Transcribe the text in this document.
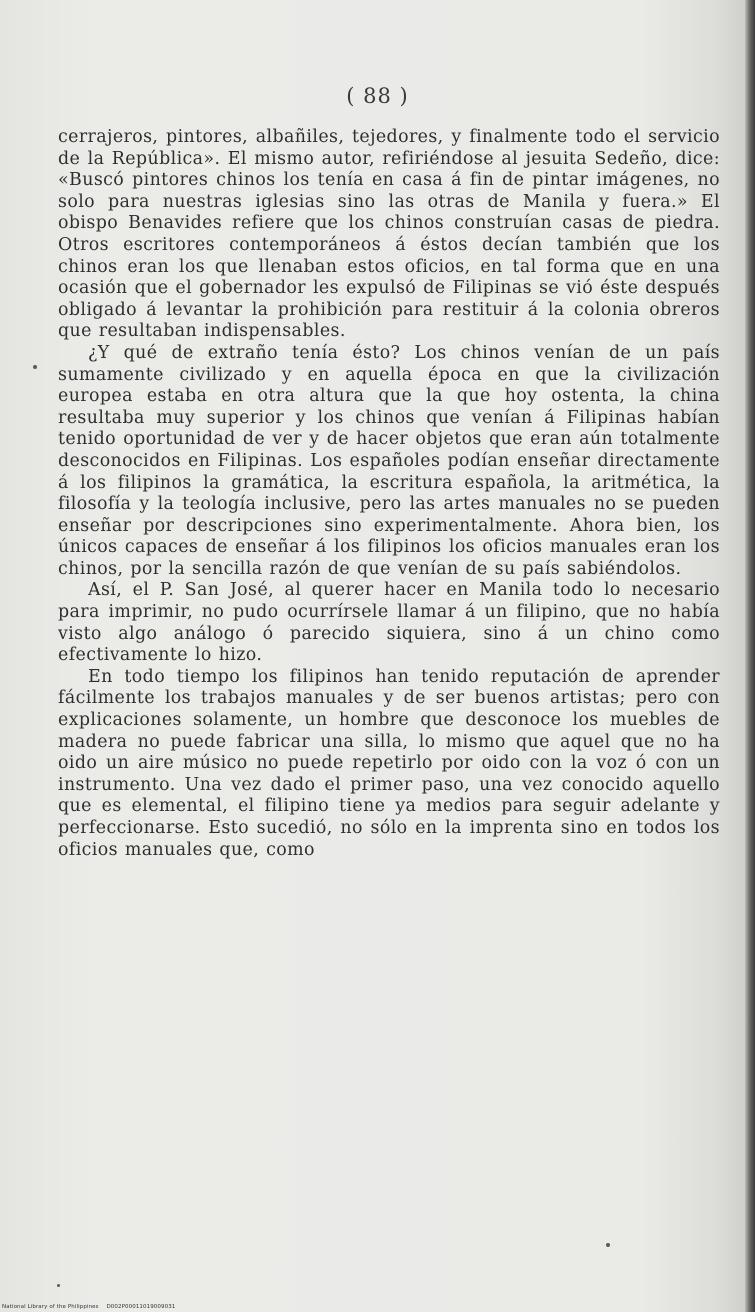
( 88 )

cerrajeros, pintores, albañiles, tejedores, y finalmente todo el servicio de la República». El mismo autor, refiriéndose al jesuita Sedeño, dice: «Buscó pintores chinos los tenía en casa á fin de pintar imágenes, no solo para nuestras iglesias sino las otras de Manila y fuera.» El obispo Benavides refiere que los chinos construían casas de piedra. Otros escritores contemporáneos á éstos decían también que los chinos eran los que llenaban estos oficios, en tal forma que en una ocasión que el gobernador les expulsó de Filipinas se vió éste después obligado á levantar la prohibición para restituir á la colonia obreros que resultaban indispensables.

¿Y qué de extraño tenía ésto? Los chinos venían de un país sumamente civilizado y en aquella época en que la civilización europea estaba en otra altura que la que hoy ostenta, la china resultaba muy superior y los chinos que venían á Filipinas habían tenido oportunidad de ver y de hacer objetos que eran aún totalmente desconocidos en Filipinas. Los españoles podían enseñar directamente á los filipinos la gramática, la escritura española, la aritmética, la filosofía y la teología inclusive, pero las artes manuales no se pueden enseñar por descripciones sino experimentalmente. Ahora bien, los únicos capaces de enseñar á los filipinos los oficios manuales eran los chinos, por la sencilla razón de que venían de su país sabiéndolos.

Así, el P. San José, al querer hacer en Manila todo lo necesario para imprimir, no pudo ocurrírsele llamar á un filipino, que no había visto algo análogo ó parecido siquiera, sino á un chino como efectivamente lo hizo.

En todo tiempo los filipinos han tenido reputación de aprender fácilmente los trabajos manuales y de ser buenos artistas; pero con explicaciones solamente, un hombre que desconoce los muebles de madera no puede fabricar una silla, lo mismo que aquel que no ha oido un aire músico no puede repetirlo por oido con la voz ó con un instrumento. Una vez dado el primer paso, una vez conocido aquello que es elemental, el filipino tiene ya medios para seguir adelante y perfeccionarse. Esto sucedió, no sólo en la imprenta sino en todos los oficios manuales que, como

National Library of the Philippines D002P00011019009031
